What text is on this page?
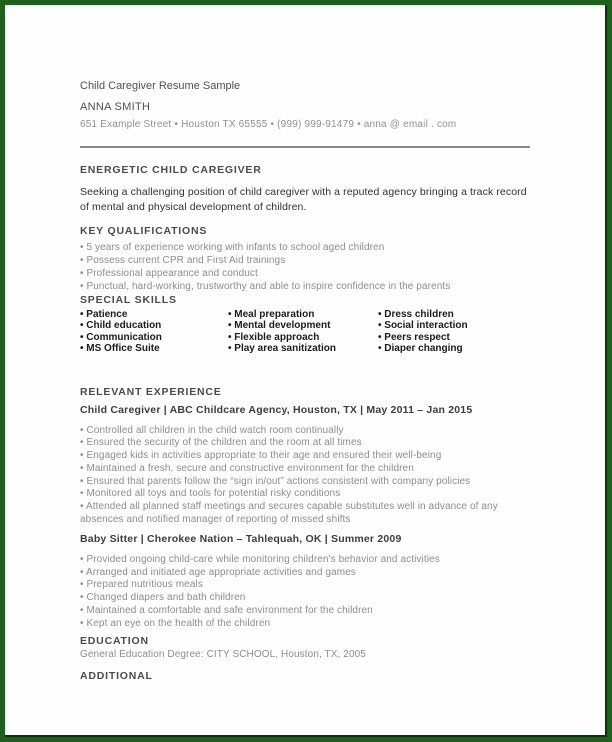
Child Caregiver Resume Sample
ANNA SMITH
651 Example Street • Houston TX 65555 • (999) 999-91479 • anna @ email . com
ENERGETIC CHILD CAREGIVER

Seeking a challenging position of child caregiver with a reputed agency bringing a track record of mental and physical development of children.

KEY QUALIFICATIONS
• 5 years of experience working with infants to school aged children
• Possess current CPR and First Aid trainings
• Professional appearance and conduct
• Punctual, hard-working, trustworthy and able to inspire confidence in the parents
SPECIAL SKILLS
• Patience
• Child education
• Communication
• MS Office Suite
• Meal preparation
• Mental development
• Flexible approach
• Play area sanitization
• Dress children
• Social interaction
• Peers respect
• Diaper changing
RELEVANT EXPERIENCE
Child Caregiver | ABC Childcare Agency, Houston, TX | May 2011 – Jan 2015
• Controlled all children in the child watch room continually
• Ensured the security of the children and the room at all times
• Engaged kids in activities appropriate to their age and ensured their well-being
• Maintained a fresh, secure and constructive environment for the children
• Ensured that parents follow the “sign in/out” actions consistent with company policies
• Monitored all toys and tools for potential risky conditions
• Attended all planned staff meetings and secures capable substitutes well in advance of any absences and notified manager of reporting of missed shifts
Baby Sitter | Cherokee Nation – Tahlequah, OK | Summer 2009
• Provided ongoing child-care while monitoring children's behavior and activities
• Arranged and initiated age appropriate activities and games
• Prepared nutritious meals
• Changed diapers and bath children
• Maintained a comfortable and safe environment for the children
• Kept an eye on the health of the children
EDUCATION

General Education Degree: CITY SCHOOL, Houston, TX, 2005

ADDITIONAL
